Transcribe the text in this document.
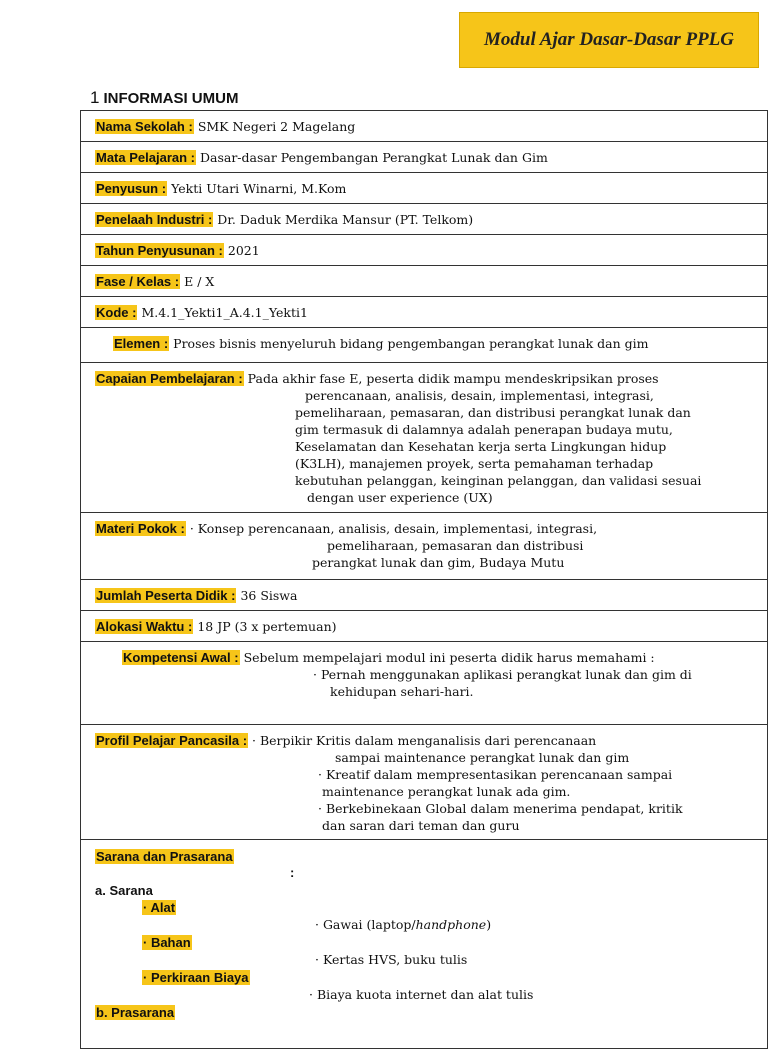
Modul Ajar Dasar-Dasar PPLG
1 INFORMASI UMUM
Nama Sekolah : SMK Negeri 2 Magelang
Mata Pelajaran : Dasar-dasar Pengembangan Perangkat Lunak dan Gim
Penyusun : Yekti Utari Winarni, M.Kom
Penelaah Industri : Dr. Daduk Merdika Mansur (PT. Telkom)
Tahun Penyusunan : 2021
Fase / Kelas : E / X
Kode : M.4.1_Yekti1_A.4.1_Yekti1
Elemen : Proses bisnis menyeluruh bidang pengembangan perangkat lunak dan gim

Capaian Pembelajaran : Pada akhir fase E, peserta didik mampu mendeskripsikan proses
perencanaan, analisis, desain, implementasi, integrasi,
pemeliharaan, pemasaran, dan distribusi perangkat lunak dan
gim termasuk di dalamnya adalah penerapan budaya mutu,
Keselamatan dan Kesehatan kerja serta Lingkungan hidup
(K3LH), manajemen proyek, serta pemahaman terhadap
kebutuhan pelanggan, keinginan pelanggan, dan validasi sesuai
dengan user experience (UX)

Materi Pokok : · Konsep perencanaan, analisis, desain, implementasi, integrasi,
pemeliharaan, pemasaran dan distribusi
perangkat lunak dan gim, Budaya Mutu

Jumlah Peserta Didik : 36 Siswa
Alokasi Waktu : 18 JP (3 x pertemuan)

Kompetensi Awal : Sebelum mempelajari modul ini peserta didik harus memahami :
· Pernah menggunakan aplikasi perangkat lunak dan gim di
kehidupan sehari-hari.

Profil Pelajar Pancasila : · Berpikir Kritis dalam menganalisis dari perencanaan
sampai maintenance perangkat lunak dan gim
· Kreatif dalam mempresentasikan perencanaan sampai
maintenance perangkat lunak ada gim.
· Berkebinekaan Global dalam menerima pendapat, kritik
dan saran dari teman dan guru

Sarana dan Prasarana
:
a. Sarana
· Alat
· Gawai (laptop/handphone)
· Bahan
· Kertas HVS, buku tulis
· Perkiraan Biaya
· Biaya kuota internet dan alat tulis
b. Prasarana
